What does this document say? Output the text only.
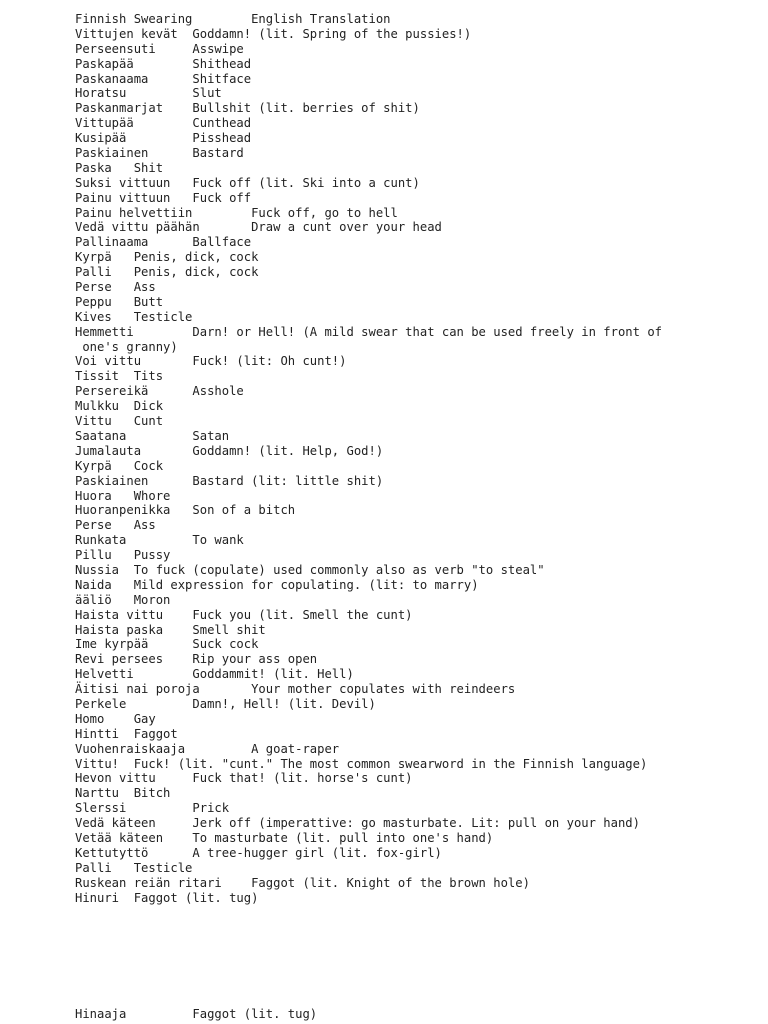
Finnish Swearing        English Translation
Vittujen kevät  Goddamn! (lit. Spring of the pussies!)
Perseensuti     Asswipe
Paskapää        Shithead
Paskanaama      Shitface
Horatsu         Slut
Paskanmarjat    Bullshit (lit. berries of shit)
Vittupää        Cunthead
Kusipää         Pisshead
Paskiainen      Bastard
Paska   Shit
Suksi vittuun   Fuck off (lit. Ski into a cunt)
Painu vittuun   Fuck off
Painu helvettiin        Fuck off, go to hell
Vedä vittu päähän       Draw a cunt over your head
Pallinaama      Ballface
Kyrpä   Penis, dick, cock
Palli   Penis, dick, cock
Perse   Ass
Peppu   Butt
Kives   Testicle
Hemmetti        Darn! or Hell! (A mild swear that can be used freely in front of
one's granny)
Voi vittu       Fuck! (lit: Oh cunt!)
Tissit  Tits
Persereikä      Asshole
Mulkku  Dick
Vittu   Cunt
Saatana         Satan
Jumalauta       Goddamn! (lit. Help, God!)
Kyrpä   Cock
Paskiainen      Bastard (lit: little shit)
Huora   Whore
Huoranpenikka   Son of a bitch
Perse   Ass
Runkata         To wank
Pillu   Pussy
Nussia  To fuck (copulate) used commonly also as verb "to steal"
Naida   Mild expression for copulating. (lit: to marry)
ääliö   Moron
Haista vittu    Fuck you (lit. Smell the cunt)
Haista paska    Smell shit
Ime kyrpää      Suck cock
Revi persees    Rip your ass open
Helvetti        Goddammit! (lit. Hell)
Äitisi nai poroja       Your mother copulates with reindeers
Perkele         Damn!, Hell! (lit. Devil)
Homo    Gay
Hintti  Faggot
Vuohenraiskaaja         A goat-raper
Vittu!  Fuck! (lit. "cunt." The most common swearword in the Finnish language)
Hevon vittu     Fuck that! (lit. horse's cunt)
Narttu  Bitch
Slerssi         Prick
Vedä käteen     Jerk off (imperattive: go masturbate. Lit: pull on your hand)
Vetää käteen    To masturbate (lit. pull into one's hand)
Kettutyttö      A tree-hugger girl (lit. fox-girl)
Palli   Testicle
Ruskean reiän ritari    Faggot (lit. Knight of the brown hole)
Hinuri  Faggot (lit. tug)
Hinaaja         Faggot (lit. tug)
